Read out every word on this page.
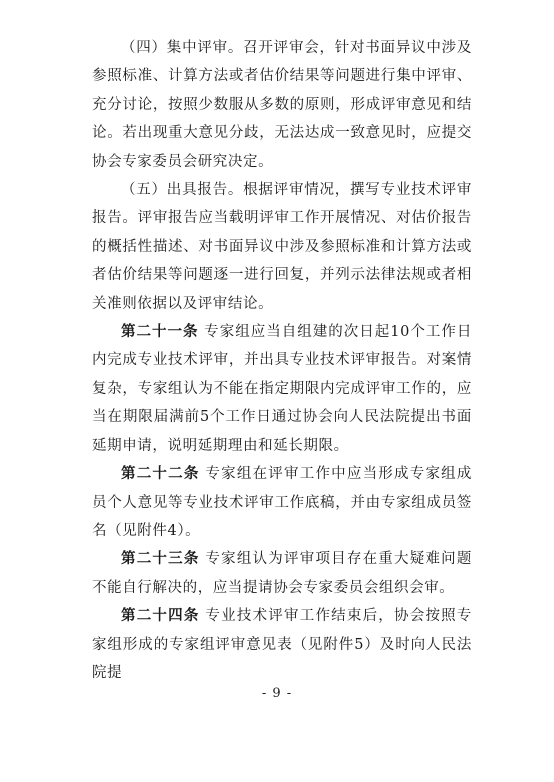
（四）集中评审。召开评审会，针对书面异议中涉及参照标准、计算方法或者估价结果等问题进行集中评审、充分讨论，按照少数服从多数的原则，形成评审意见和结论。若出现重大意见分歧，无法达成一致意见时，应提交协会专家委员会研究决定。

（五）出具报告。根据评审情况，撰写专业技术评审报告。评审报告应当载明评审工作开展情况、对估价报告的概括性描述、对书面异议中涉及参照标准和计算方法或者估价结果等问题逐一进行回复，并列示法律法规或者相关准则依据以及评审结论。

第二十一条 专家组应当自组建的次日起10个工作日内完成专业技术评审，并出具专业技术评审报告。对案情复杂，专家组认为不能在指定期限内完成评审工作的，应当在期限届满前5个工作日通过协会向人民法院提出书面延期申请，说明延期理由和延长期限。

第二十二条 专家组在评审工作中应当形成专家组成员个人意见等专业技术评审工作底稿，并由专家组成员签名（见附件4）。

第二十三条 专家组认为评审项目存在重大疑难问题不能自行解决的，应当提请协会专家委员会组织会审。

第二十四条 专业技术评审工作结束后，协会按照专家组形成的专家组评审意见表（见附件5）及时向人民法院提

- 9 -
